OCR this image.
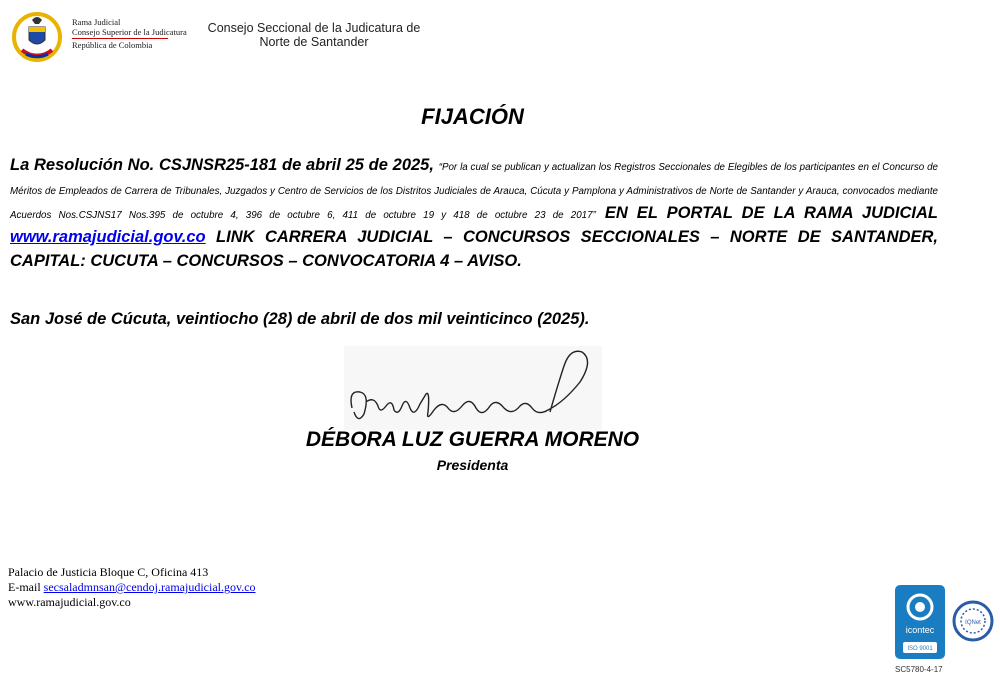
Rama Judicial
Consejo Superior de la Judicatura
República de Colombia
Consejo Seccional de la Judicatura de
Norte de Santander
FIJACIÓN
La Resolución No. CSJNSR25-181 de abril 25 de 2025, “Por la cual se publican y actualizan los Registros Seccionales de Elegibles de los participantes en el Concurso de Méritos de Empleados de Carrera de Tribunales, Juzgados y Centro de Servicios de los Distritos Judiciales de Arauca, Cúcuta y Pamplona y Administrativos de Norte de Santander y Arauca, convocados mediante Acuerdos Nos.CSJNS17 Nos.395 de octubre 4, 396 de octubre 6, 411 de octubre 19 y 418 de octubre 23 de 2017” EN EL PORTAL DE LA RAMA JUDICIAL www.ramajudicial.gov.co LINK CARRERA JUDICIAL – CONCURSOS SECCIONALES – NORTE DE SANTANDER, CAPITAL: CUCUTA – CONCURSOS – CONVOCATORIA 4 – AVISO.
San José de Cúcuta, veintiocho (28) de abril de dos mil veinticinco (2025).
DÉBORA LUZ GUERRA MORENO
Presidenta
Palacio de Justicia Bloque C, Oficina 413
E-mail secsaladmnsan@cendoj.ramajudicial.gov.co
www.ramajudicial.gov.co
icontec
ISO 9001
IQNet
SC5780-4-17
